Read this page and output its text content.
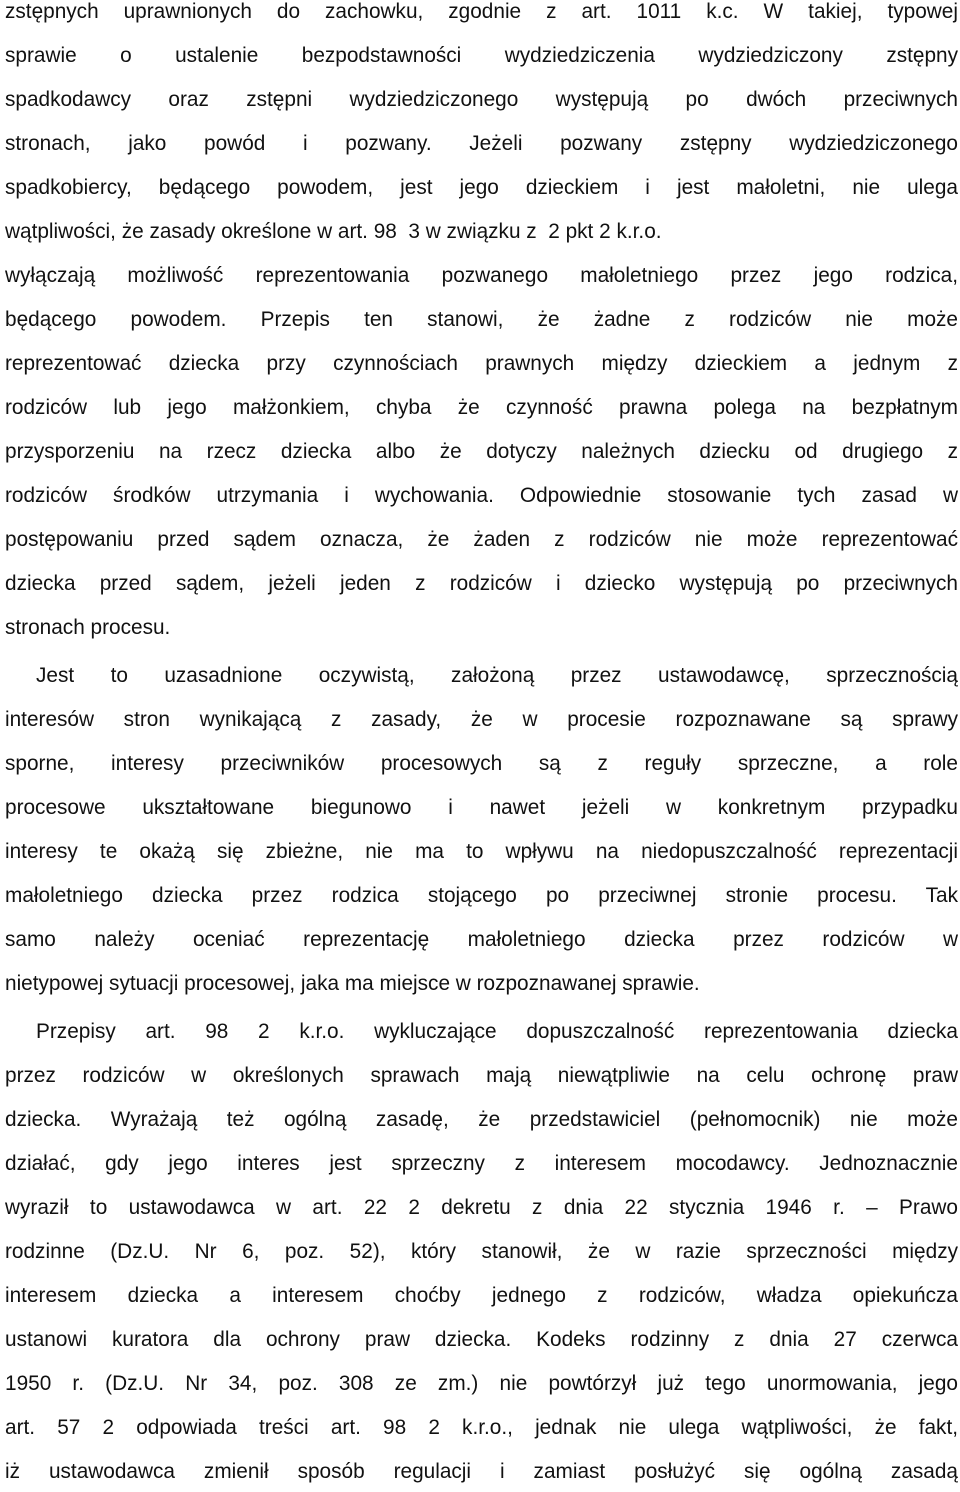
zstępnych uprawnionych do zachowku, zgodnie z art. 1011 k.c. W takiej, typowej
sprawie o ustalenie bezpodstawności wydziedziczenia wydziedziczony zstępny
spadkodawcy oraz zstępni wydziedziczonego występują po dwóch przeciwnych
stronach, jako powód i pozwany. Jeżeli pozwany zstępny wydziedziczonego
spadkobiercy, będącego powodem, jest jego dzieckiem i jest małoletni, nie ulega
wątpliwości, że zasady określone w art. 98  3 w związku z  2 pkt 2 k.r.o.
wyłączają możliwość reprezentowania pozwanego małoletniego przez jego rodzica,
będącego powodem. Przepis ten stanowi, że żadne z rodziców nie może
reprezentować dziecka przy czynnościach prawnych między dzieckiem a jednym z
rodziców lub jego małżonkiem, chyba że czynność prawna polega na bezpłatnym
przysporzeniu na rzecz dziecka albo że dotyczy należnych dziecku od drugiego z
rodziców środków utrzymania i wychowania. Odpowiednie stosowanie tych zasad w
postępowaniu przed sądem oznacza, że żaden z rodziców nie może reprezentować
dziecka przed sądem, jeżeli jeden z rodziców i dziecko występują po przeciwnych
stronach procesu.
Jest to uzasadnione oczywistą, założoną przez ustawodawcę, sprzecznością
interesów stron wynikającą z zasady, że w procesie rozpoznawane są sprawy
sporne, interesy przeciwników procesowych są z reguły sprzeczne, a role
procesowe ukształtowane biegunowo i nawet jeżeli w konkretnym przypadku
interesy te okażą się zbieżne, nie ma to wpływu na niedopuszczalność reprezentacji
małoletniego dziecka przez rodzica stojącego po przeciwnej stronie procesu. Tak
samo należy oceniać reprezentację małoletniego dziecka przez rodziców w
nietypowej sytuacji procesowej, jaka ma miejsce w rozpoznawanej sprawie.
Przepisy art. 98 2 k.r.o. wykluczające dopuszczalność reprezentowania dziecka
przez rodziców w określonych sprawach mają niewątpliwie na celu ochronę praw
dziecka. Wyrażają też ogólną zasadę, że przedstawiciel (pełnomocnik) nie może
działać, gdy jego interes jest sprzeczny z interesem mocodawcy. Jednoznacznie
wyraził to ustawodawca w art. 22 2 dekretu z dnia 22 stycznia 1946 r. – Prawo
rodzinne (Dz.U. Nr 6, poz. 52), który stanowił, że w razie sprzeczności między
interesem dziecka a interesem choćby jednego z rodziców, władza opiekuńcza
ustanowi kuratora dla ochrony praw dziecka. Kodeks rodzinny z dnia 27 czerwca
1950 r. (Dz.U. Nr 34, poz. 308 ze zm.) nie powtórzył już tego unormowania, jego
art. 57 2 odpowiada treści art. 98 2 k.r.o., jednak nie ulega wątpliwości, że fakt,
iż ustawodawca zmienił sposób regulacji i zamiast posłużyć się ogólną zasadą
